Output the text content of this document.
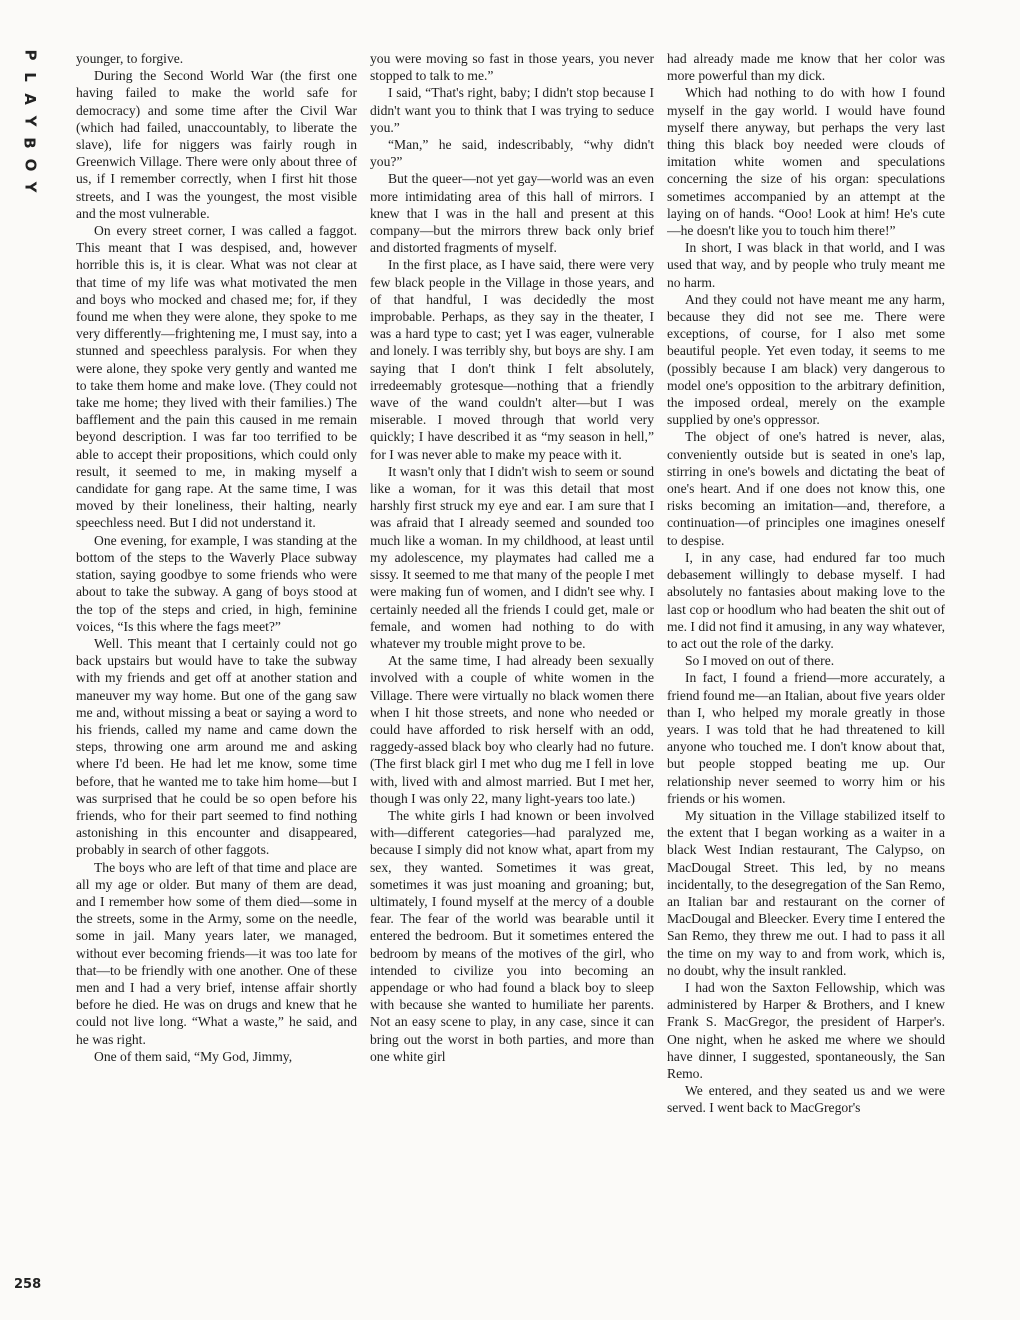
P
L
A
Y
B
O
Y
258

younger, to forgive.

During the Second World War (the first one having failed to make the world safe for democracy) and some time after the Civil War (which had failed, unaccountably, to liberate the slave), life for niggers was fairly rough in Greenwich Village. There were only about three of us, if I remember correctly, when I first hit those streets, and I was the youngest, the most visible and the most vulnerable.

On every street corner, I was called a faggot. This meant that I was despised, and, however horrible this is, it is clear. What was not clear at that time of my life was what motivated the men and boys who mocked and chased me; for, if they found me when they were alone, they spoke to me very differently—frightening me, I must say, into a stunned and speechless paralysis. For when they were alone, they spoke very gently and wanted me to take them home and make love. (They could not take me home; they lived with their families.) The bafflement and the pain this caused in me remain beyond description. I was far too terrified to be able to accept their propositions, which could only result, it seemed to me, in making myself a candidate for gang rape. At the same time, I was moved by their loneliness, their halting, nearly speechless need. But I did not understand it.

One evening, for example, I was standing at the bottom of the steps to the Waverly Place subway station, saying goodbye to some friends who were about to take the subway. A gang of boys stood at the top of the steps and cried, in high, feminine voices, “Is this where the fags meet?”

Well. This meant that I certainly could not go back upstairs but would have to take the subway with my friends and get off at another station and maneuver my way home. But one of the gang saw me and, without missing a beat or saying a word to his friends, called my name and came down the steps, throwing one arm around me and asking where I'd been. He had let me know, some time before, that he wanted me to take him home—but I was surprised that he could be so open before his friends, who for their part seemed to find nothing astonishing in this encounter and disappeared, probably in search of other faggots.

The boys who are left of that time and place are all my age or older. But many of them are dead, and I remember how some of them died—some in the streets, some in the Army, some on the needle, some in jail. Many years later, we managed, without ever becoming friends—it was too late for that—to be friendly with one another. One of these men and I had a very brief, intense affair shortly before he died. He was on drugs and knew that he could not live long. “What a waste,” he said, and he was right.

One of them said, “My God, Jimmy,

you were moving so fast in those years, you never stopped to talk to me.”

I said, “That's right, baby; I didn't stop because I didn't want you to think that I was trying to seduce you.”

“Man,” he said, indescribably, “why didn't you?”

But the queer—not yet gay—world was an even more intimidating area of this hall of mirrors. I knew that I was in the hall and present at this company—but the mirrors threw back only brief and distorted fragments of myself.

In the first place, as I have said, there were very few black people in the Village in those years, and of that handful, I was decidedly the most improbable. Perhaps, as they say in the theater, I was a hard type to cast; yet I was eager, vulnerable and lonely. I was terribly shy, but boys are shy. I am saying that I don't think I felt absolutely, irredeemably grotesque—nothing that a friendly wave of the wand couldn't alter—but I was miserable. I moved through that world very quickly; I have described it as “my season in hell,” for I was never able to make my peace with it.

It wasn't only that I didn't wish to seem or sound like a woman, for it was this detail that most harshly first struck my eye and ear. I am sure that I was afraid that I already seemed and sounded too much like a woman. In my childhood, at least until my adolescence, my playmates had called me a sissy. It seemed to me that many of the people I met were making fun of women, and I didn't see why. I certainly needed all the friends I could get, male or female, and women had nothing to do with whatever my trouble might prove to be.

At the same time, I had already been sexually involved with a couple of white women in the Village. There were virtually no black women there when I hit those streets, and none who needed or could have afforded to risk herself with an odd, raggedy-assed black boy who clearly had no future. (The first black girl I met who dug me I fell in love with, lived with and almost married. But I met her, though I was only 22, many light-years too late.)

The white girls I had known or been involved with—different categories—had paralyzed me, because I simply did not know what, apart from my sex, they wanted. Sometimes it was great, sometimes it was just moaning and groaning; but, ultimately, I found myself at the mercy of a double fear. The fear of the world was bearable until it entered the bedroom. But it sometimes entered the bedroom by means of the motives of the girl, who intended to civilize you into becoming an appendage or who had found a black boy to sleep with because she wanted to humiliate her parents. Not an easy scene to play, in any case, since it can bring out the worst in both parties, and more than one white girl

had already made me know that her color was more powerful than my dick.

Which had nothing to do with how I found myself in the gay world. I would have found myself there anyway, but perhaps the very last thing this black boy needed were clouds of imitation white women and speculations concerning the size of his organ: speculations sometimes accompanied by an attempt at the laying on of hands. “Ooo! Look at him! He's cute—he doesn't like you to touch him there!”

In short, I was black in that world, and I was used that way, and by people who truly meant me no harm.

And they could not have meant me any harm, because they did not see me. There were exceptions, of course, for I also met some beautiful people. Yet even today, it seems to me (possibly because I am black) very dangerous to model one's opposition to the arbitrary definition, the imposed ordeal, merely on the example supplied by one's oppressor.

The object of one's hatred is never, alas, conveniently outside but is seated in one's lap, stirring in one's bowels and dictating the beat of one's heart. And if one does not know this, one risks becoming an imitation—and, therefore, a continuation—of principles one imagines oneself to despise.

I, in any case, had endured far too much debasement willingly to debase myself. I had absolutely no fantasies about making love to the last cop or hoodlum who had beaten the shit out of me. I did not find it amusing, in any way whatever, to act out the role of the darky.

So I moved on out of there.

In fact, I found a friend—more accurately, a friend found me—an Italian, about five years older than I, who helped my morale greatly in those years. I was told that he had threatened to kill anyone who touched me. I don't know about that, but people stopped beating me up. Our relationship never seemed to worry him or his friends or his women.

My situation in the Village stabilized itself to the extent that I began working as a waiter in a black West Indian restaurant, The Calypso, on MacDougal Street. This led, by no means incidentally, to the desegregation of the San Remo, an Italian bar and restaurant on the corner of MacDougal and Bleecker. Every time I entered the San Remo, they threw me out. I had to pass it all the time on my way to and from work, which is, no doubt, why the insult rankled.

I had won the Saxton Fellowship, which was administered by Harper & Brothers, and I knew Frank S. MacGregor, the president of Harper's. One night, when he asked me where we should have dinner, I suggested, spontaneously, the San Remo.

We entered, and they seated us and we were served. I went back to MacGregor's
